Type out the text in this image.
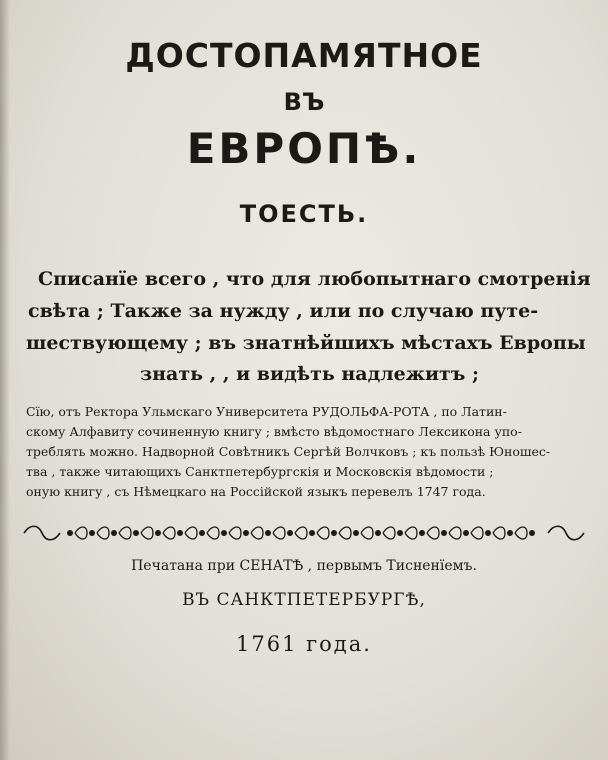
ДОСТОПАМЯТНОЕ
ВЪ
ЕВРОПѢ.
ТОЕСТЬ.
Списанїе всего , что для любопытнаго смотренія
свѣта ; Также за нужду , или по случаю путе-
шествующему ; въ знатнѣйшихъ мѣстахъ Европы
знать , , и видѣть надлежитъ ;
Сїю, отъ Ректора Ульмскаго Университета РУДОЛЬФА-РОТА , по Латин-
скому Алфавиту сочиненную книгу ; вмѣсто вѣдомостнаго Лексикона упо-
треблять можно. Надворной Совѣтникъ Сергѣй Волчковъ ; къ пользѣ Юношес-
тва , также читающихъ Санктпетербургскія и Московскія вѣдомости ;
оную книгу , съ Нѣмецкаго на Россійской языкъ перевелъ 1747 года.
Печатана при СЕНАТѢ , первымъ Тисненїемъ.
ВЪ САНКТПЕТЕРБУРГѢ,
1761 года.
